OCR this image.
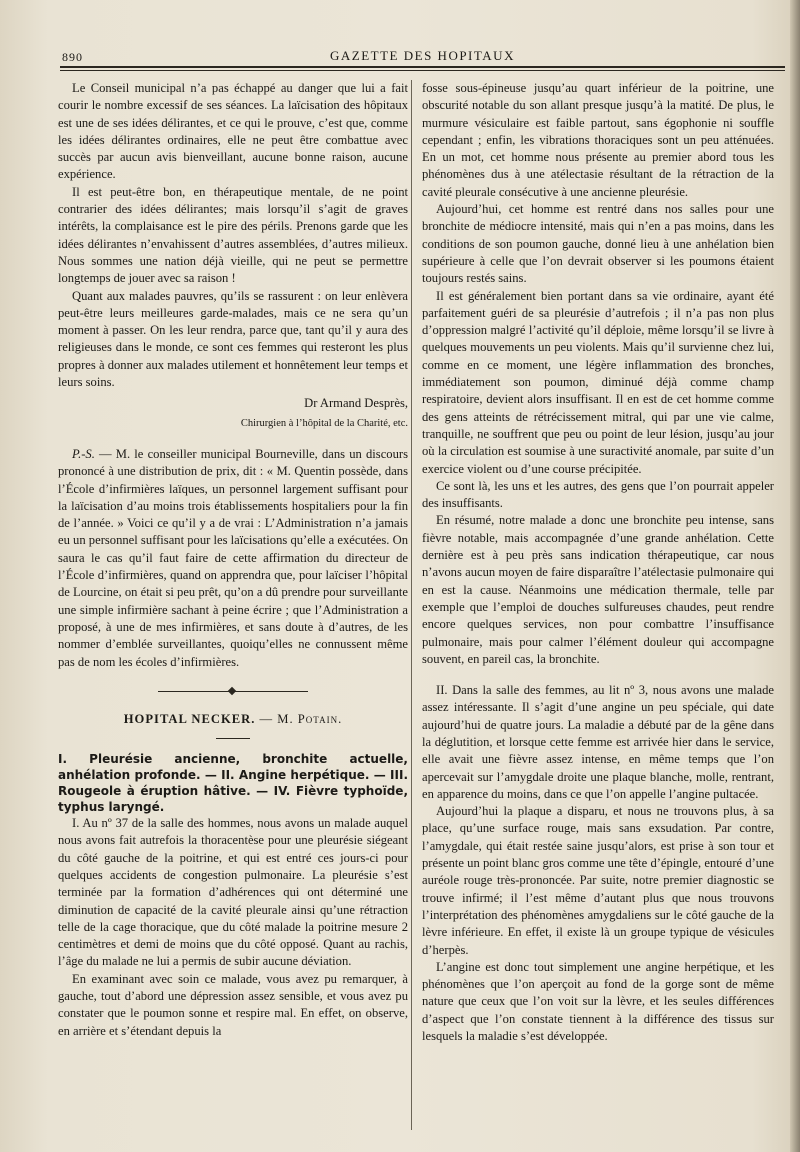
890	GAZETTE DES HOPITAUX

Le Conseil municipal n’a pas échappé au danger que lui a fait courir le nombre excessif de ses séances. La laïcisation des hôpitaux est une de ses idées délirantes, et ce qui le prouve, c’est que, comme les idées délirantes ordinaires, elle ne peut être combattue avec succès par aucun avis bienveillant, aucune bonne raison, aucune expérience.

Il est peut-être bon, en thérapeutique mentale, de ne point contrarier des idées délirantes; mais lorsqu’il s’agit de graves intérêts, la complaisance est le pire des périls. Prenons garde que les idées délirantes n’envahissent d’autres assemblées, d’autres milieux. Nous sommes une nation déjà vieille, qui ne peut se permettre longtemps de jouer avec sa raison !

Quant aux malades pauvres, qu’ils se rassurent : on leur enlèvera peut-être leurs meilleures garde-malades, mais ce ne sera qu’un moment à passer. On les leur rendra, parce que, tant qu’il y aura des religieuses dans le monde, ce sont ces femmes qui resteront les plus propres à donner aux malades utilement et honnêtement leur temps et leurs soins.

Dr Armand Desprès,
Chirurgien à l’hôpital de la Charité, etc.

P.-S. — M. le conseiller municipal Bourneville, dans un discours prononcé à une distribution de prix, dit : « M. Quentin possède, dans l’École d’infirmières laïques, un personnel largement suffisant pour la laïcisation d’au moins trois établissements hospitaliers pour la fin de l’année. » Voici ce qu’il y a de vrai : L’Administration n’a jamais eu un personnel suffisant pour les laïcisations qu’elle a exécutées. On saura le cas qu’il faut faire de cette affirmation du directeur de l’École d’infirmières, quand on apprendra que, pour laïciser l’hôpital de Lourcine, on était si peu prêt, qu’on a dû prendre pour surveillante une simple infirmière sachant à peine écrire ; que l’Administration a proposé, à une de mes infirmières, et sans doute à d’autres, de les nommer d’emblée surveillantes, quoiqu’elles ne connussent même pas de nom les écoles d’infirmières.

HOPITAL NECKER. — M. Potain.

I. Pleurésie ancienne, bronchite actuelle, anhélation profonde. — II. Angine herpétique. — III. Rougeole à éruption hâtive. — IV. Fièvre typhoïde, typhus laryngé.

I. Au nº 37 de la salle des hommes, nous avons un malade auquel nous avons fait autrefois la thoracentèse pour une pleurésie siégeant du côté gauche de la poitrine, et qui est entré ces jours-ci pour quelques accidents de congestion pulmonaire. La pleurésie s’est terminée par la formation d’adhérences qui ont déterminé une diminution de capacité de la cavité pleurale ainsi qu’une rétraction telle de la cage thoracique, que du côté malade la poitrine mesure 2 centimètres et demi de moins que du côté opposé. Quant au rachis, l’âge du malade ne lui a permis de subir aucune déviation.

En examinant avec soin ce malade, vous avez pu remarquer, à gauche, tout d’abord une dépression assez sensible, et vous avez pu constater que le poumon sonne et respire mal. En effet, on observe, en arrière et s’étendant depuis la

fosse sous-épineuse jusqu’au quart inférieur de la poitrine, une obscurité notable du son allant presque jusqu’à la matité. De plus, le murmure vésiculaire est faible partout, sans égophonie ni souffle cependant ; enfin, les vibrations thoraciques sont un peu atténuées. En un mot, cet homme nous présente au premier abord tous les phénomènes dus à une atélectasie résultant de la rétraction de la cavité pleurale consécutive à une ancienne pleurésie.

Aujourd’hui, cet homme est rentré dans nos salles pour une bronchite de médiocre intensité, mais qui n’en a pas moins, dans les conditions de son poumon gauche, donné lieu à une anhélation bien supérieure à celle que l’on devrait observer si les poumons étaient toujours restés sains.

Il est généralement bien portant dans sa vie ordinaire, ayant été parfaitement guéri de sa pleurésie d’autrefois ; il n’a pas non plus d’oppression malgré l’activité qu’il déploie, même lorsqu’il se livre à quelques mouvements un peu violents. Mais qu’il survienne chez lui, comme en ce moment, une légère inflammation des bronches, immédiatement son poumon, diminué déjà comme champ respiratoire, devient alors insuffisant. Il en est de cet homme comme des gens atteints de rétrécissement mitral, qui par une vie calme, tranquille, ne souffrent que peu ou point de leur lésion, jusqu’au jour où la circulation est soumise à une suractivité anomale, par suite d’un exercice violent ou d’une course précipitée.

Ce sont là, les uns et les autres, des gens que l’on pourrait appeler des insuffisants.

En résumé, notre malade a donc une bronchite peu intense, sans fièvre notable, mais accompagnée d’une grande anhélation. Cette dernière est à peu près sans indication thérapeutique, car nous n’avons aucun moyen de faire disparaître l’atélectasie pulmonaire qui en est la cause. Néanmoins une médication thermale, telle par exemple que l’emploi de douches sulfureuses chaudes, peut rendre encore quelques services, non pour combattre l’insuffisance pulmonaire, mais pour calmer l’élément douleur qui accompagne souvent, en pareil cas, la bronchite.

II. Dans la salle des femmes, au lit nº 3, nous avons une malade assez intéressante. Il s’agit d’une angine un peu spéciale, qui date aujourd’hui de quatre jours. La maladie a débuté par de la gêne dans la déglutition, et lorsque cette femme est arrivée hier dans le service, elle avait une fièvre assez intense, en même temps que l’on apercevait sur l’amygdale droite une plaque blanche, molle, rentrant, en apparence du moins, dans ce que l’on appelle l’angine pultacée.

Aujourd’hui la plaque a disparu, et nous ne trouvons plus, à sa place, qu’une surface rouge, mais sans exsudation. Par contre, l’amygdale, qui était restée saine jusqu’alors, est prise à son tour et présente un point blanc gros comme une tête d’épingle, entouré d’une auréole rouge très-prononcée. Par suite, notre premier diagnostic se trouve infirmé; il l’est même d’autant plus que nous trouvons l’interprétation des phénomènes amygdaliens sur le côté gauche de la lèvre inférieure. En effet, il existe là un groupe typique de vésicules d’herpès.

L’angine est donc tout simplement une angine herpétique, et les phénomènes que l’on aperçoit au fond de la gorge sont de même nature que ceux que l’on voit sur la lèvre, et les seules différences d’aspect que l’on constate tiennent à la différence des tissus sur lesquels la maladie s’est développée.
